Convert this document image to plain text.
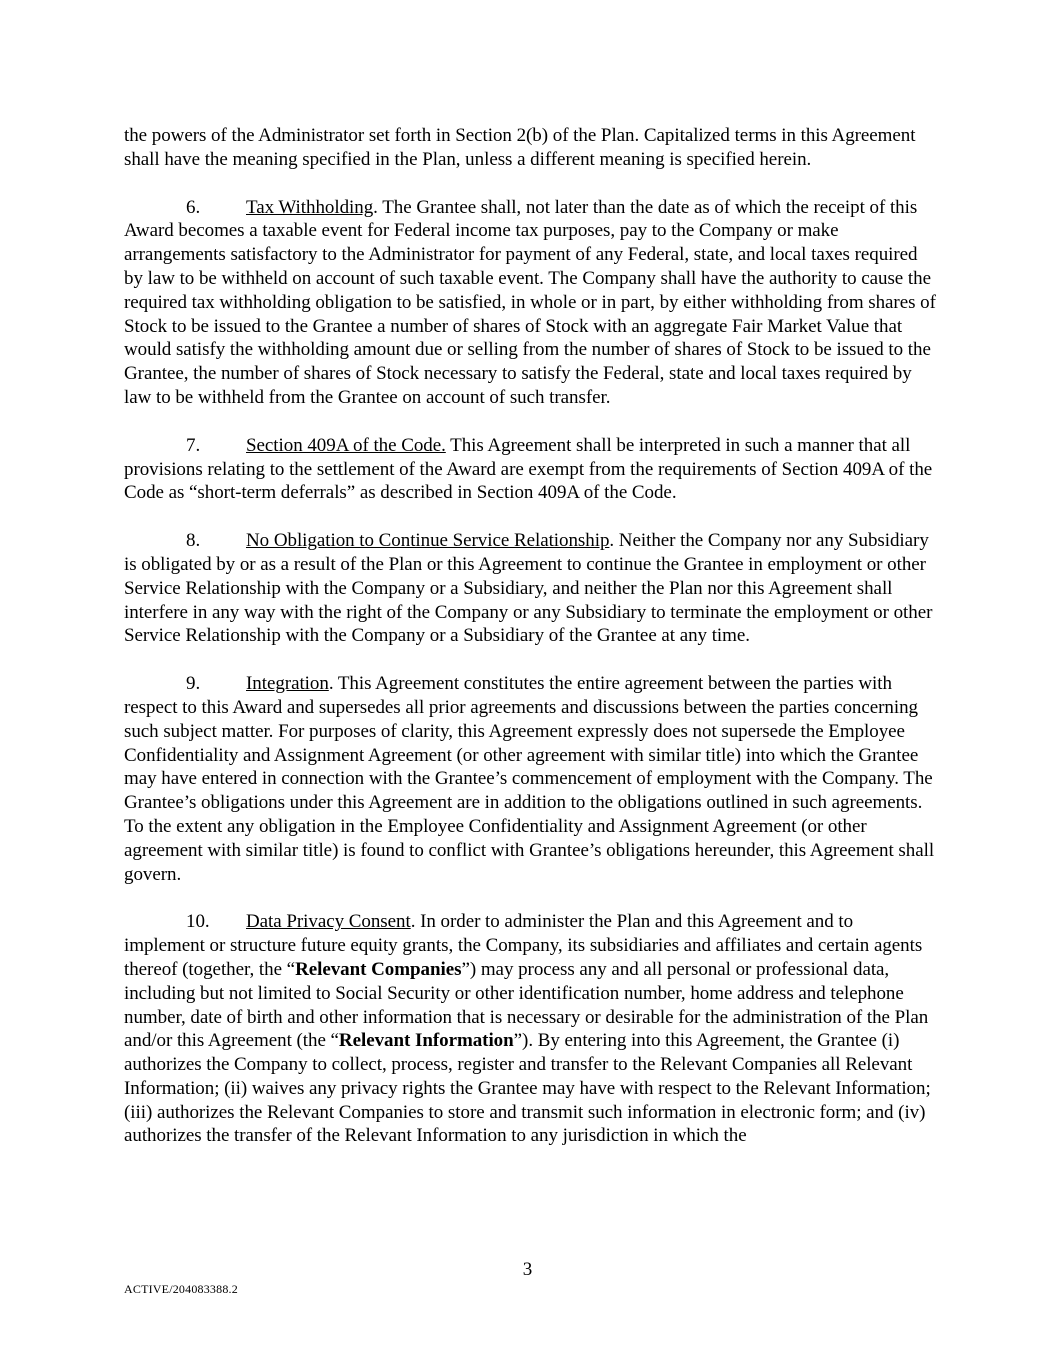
the powers of the Administrator set forth in Section 2(b) of the Plan. Capitalized terms in this Agreement shall have the meaning specified in the Plan, unless a different meaning is specified herein.

6. Tax Withholding. The Grantee shall, not later than the date as of which the receipt of this Award becomes a taxable event for Federal income tax purposes, pay to the Company or make arrangements satisfactory to the Administrator for payment of any Federal, state, and local taxes required by law to be withheld on account of such taxable event. The Company shall have the authority to cause the required tax withholding obligation to be satisfied, in whole or in part, by either withholding from shares of Stock to be issued to the Grantee a number of shares of Stock with an aggregate Fair Market Value that would satisfy the withholding amount due or selling from the number of shares of Stock to be issued to the Grantee, the number of shares of Stock necessary to satisfy the Federal, state and local taxes required by law to be withheld from the Grantee on account of such transfer.

7. Section 409A of the Code. This Agreement shall be interpreted in such a manner that all provisions relating to the settlement of the Award are exempt from the requirements of Section 409A of the Code as “short-term deferrals” as described in Section 409A of the Code.

8. No Obligation to Continue Service Relationship. Neither the Company nor any Subsidiary is obligated by or as a result of the Plan or this Agreement to continue the Grantee in employment or other Service Relationship with the Company or a Subsidiary, and neither the Plan nor this Agreement shall interfere in any way with the right of the Company or any Subsidiary to terminate the employment or other Service Relationship with the Company or a Subsidiary of the Grantee at any time.

9. Integration. This Agreement constitutes the entire agreement between the parties with respect to this Award and supersedes all prior agreements and discussions between the parties concerning such subject matter. For purposes of clarity, this Agreement expressly does not supersede the Employee Confidentiality and Assignment Agreement (or other agreement with similar title) into which the Grantee may have entered in connection with the Grantee’s commencement of employment with the Company. The Grantee’s obligations under this Agreement are in addition to the obligations outlined in such agreements. To the extent any obligation in the Employee Confidentiality and Assignment Agreement (or other agreement with similar title) is found to conflict with Grantee’s obligations hereunder, this Agreement shall govern.

10. Data Privacy Consent. In order to administer the Plan and this Agreement and to implement or structure future equity grants, the Company, its subsidiaries and affiliates and certain agents thereof (together, the “Relevant Companies”) may process any and all personal or professional data, including but not limited to Social Security or other identification number, home address and telephone number, date of birth and other information that is necessary or desirable for the administration of the Plan and/or this Agreement (the “Relevant Information”). By entering into this Agreement, the Grantee (i) authorizes the Company to collect, process, register and transfer to the Relevant Companies all Relevant Information; (ii) waives any privacy rights the Grantee may have with respect to the Relevant Information; (iii) authorizes the Relevant Companies to store and transmit such information in electronic form; and (iv) authorizes the transfer of the Relevant Information to any jurisdiction in which the

3
ACTIVE/204083388.2
